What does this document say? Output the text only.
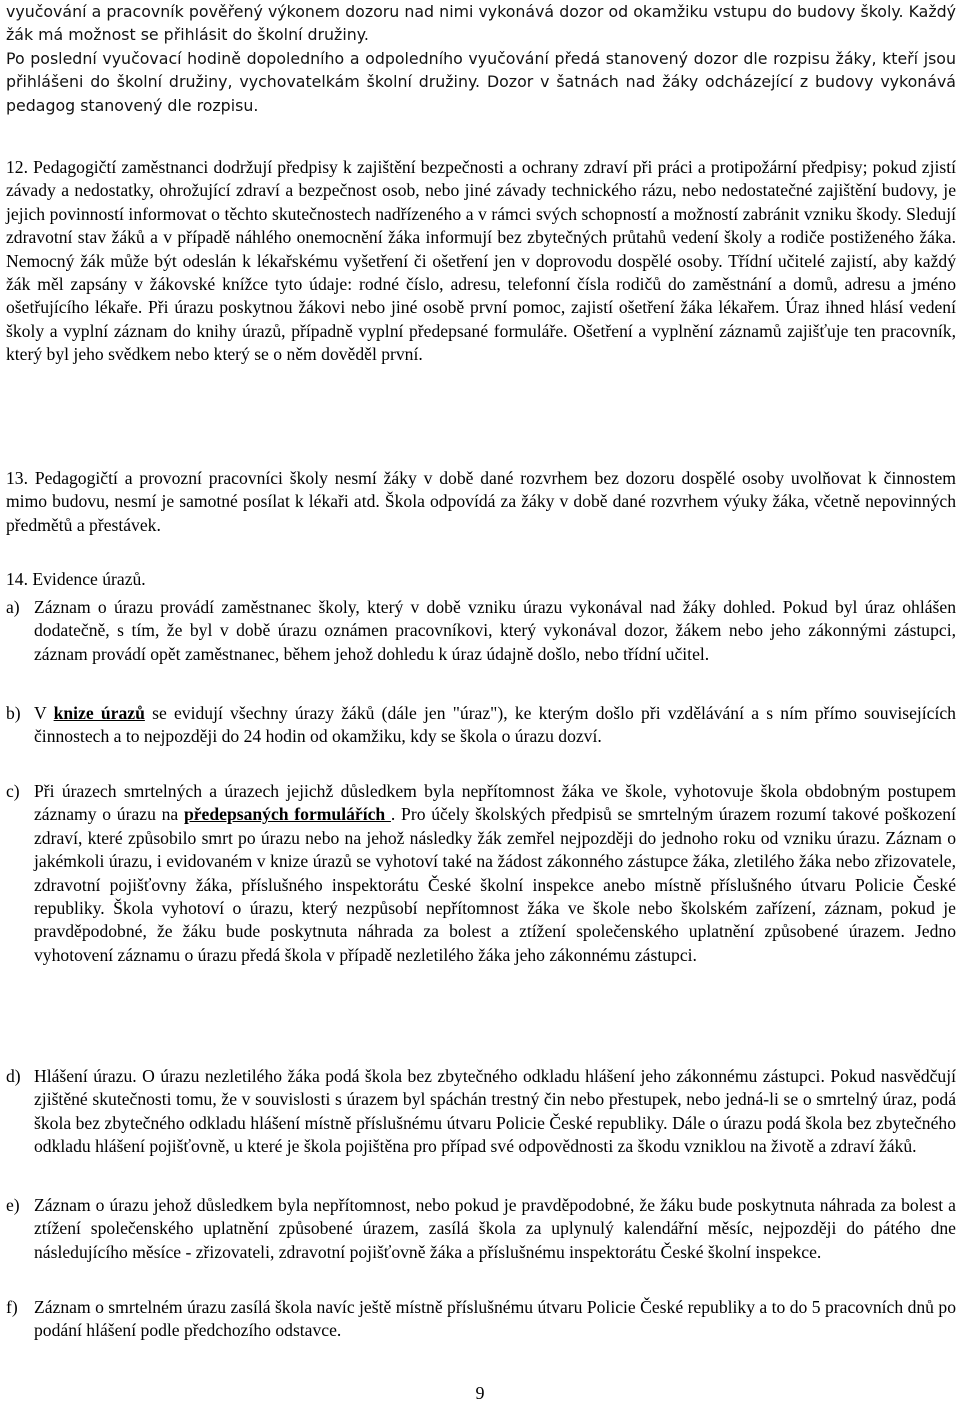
vyučování a pracovník pověřený výkonem dozoru nad nimi vykonává dozor od okamžiku vstupu do budovy školy. Každý žák má možnost se přihlásit do školní družiny.

Po poslední vyučovací hodině dopoledního a odpoledního vyučování předá stanovený dozor dle rozpisu žáky, kteří jsou přihlášeni do školní družiny, vychovatelkám školní družiny. Dozor v šatnách nad žáky odcházející z budovy vykonává pedagog stanovený dle rozpisu.

12. Pedagogičtí zaměstnanci dodržují předpisy k zajištění bezpečnosti a ochrany zdraví při práci a protipožární předpisy; pokud zjistí závady a nedostatky, ohrožující zdraví a bezpečnost osob, nebo jiné závady technického rázu, nebo nedostatečné zajištění budovy, je jejich povinností informovat o těchto skutečnostech nadřízeného a v rámci svých schopností a možností zabránit vzniku škody. Sledují zdravotní stav žáků a v případě náhlého onemocnění žáka informují bez zbytečných průtahů vedení školy a rodiče postiženého žáka. Nemocný žák může být odeslán k lékařskému vyšetření či ošetření jen v doprovodu dospělé osoby. Třídní učitelé zajistí, aby každý žák měl zapsány v žákovské knížce tyto údaje: rodné číslo, adresu, telefonní čísla rodičů do zaměstnání a domů, adresu a jméno ošetřujícího lékaře. Při úrazu poskytnou žákovi nebo jiné osobě první pomoc, zajistí ošetření žáka lékařem. Úraz ihned hlásí vedení školy a vyplní záznam do knihy úrazů, případně vyplní předepsané formuláře. Ošetření a vyplnění záznamů zajišťuje ten pracovník, který byl jeho svědkem nebo který se o něm dověděl první.

13. Pedagogičtí a provozní pracovníci školy nesmí žáky v době dané rozvrhem bez dozoru dospělé osoby uvolňovat k činnostem mimo budovu, nesmí je samotné posílat k lékaři atd. Škola odpovídá za žáky v době dané rozvrhem výuky žáka, včetně nepovinných předmětů a přestávek.

14. Evidence úrazů.

a) Záznam o úrazu provádí zaměstnanec školy, který v době vzniku úrazu vykonával nad žáky dohled. Pokud byl úraz ohlášen dodatečně, s tím, že byl v době úrazu oznámen pracovníkovi, který vykonával dozor, žákem nebo jeho zákonnými zástupci, záznam provádí opět zaměstnanec, během jehož dohledu k úraz údajně došlo, nebo třídní učitel.
b) V knize úrazů se evidují všechny úrazy žáků (dále jen "úraz"), ke kterým došlo při vzdělávání a s ním přímo souvisejících činnostech a to nejpozději do 24 hodin od okamžiku, kdy se škola o úrazu dozví.
c) Při úrazech smrtelných a úrazech jejichž důsledkem byla nepřítomnost žáka ve škole, vyhotovuje škola obdobným postupem záznamy o úrazu na předepsaných formulářích . Pro účely školských předpisů se smrtelným úrazem rozumí takové poškození zdraví, které způsobilo smrt po úrazu nebo na jehož následky žák zemřel nejpozději do jednoho roku od vzniku úrazu. Záznam o jakémkoli úrazu, i evidovaném v knize úrazů se vyhotoví také na žádost zákonného zástupce žáka, zletilého žáka nebo zřizovatele, zdravotní pojišťovny žáka, příslušného inspektorátu České školní inspekce anebo místně příslušného útvaru Policie České republiky. Škola vyhotoví o úrazu, který nezpůsobí nepřítomnost žáka ve škole nebo školském zařízení, záznam, pokud je pravděpodobné, že žáku bude poskytnuta náhrada za bolest a ztížení společenského uplatnění způsobené úrazem. Jedno vyhotovení záznamu o úrazu předá škola v případě nezletilého žáka jeho zákonnému zástupci.
d) Hlášení úrazu. O úrazu nezletilého žáka podá škola bez zbytečného odkladu hlášení jeho zákonnému zástupci. Pokud nasvědčují zjištěné skutečnosti tomu, že v souvislosti s úrazem byl spáchán trestný čin nebo přestupek, nebo jedná-li se o smrtelný úraz, podá škola bez zbytečného odkladu hlášení místně příslušnému útvaru Policie České republiky. Dále o úrazu podá škola bez zbytečného odkladu hlášení pojišťovně, u které je škola pojištěna pro případ své odpovědnosti za škodu vzniklou na životě a zdraví žáků.
e) Záznam o úrazu jehož důsledkem byla nepřítomnost, nebo pokud je pravděpodobné, že žáku bude poskytnuta náhrada za bolest a ztížení společenského uplatnění způsobené úrazem, zasílá škola za uplynulý kalendářní měsíc, nejpozději do pátého dne následujícího měsíce - zřizovateli, zdravotní pojišťovně žáka a příslušnému inspektorátu České školní inspekce.
f) Záznam o smrtelném úrazu zasílá škola navíc ještě místně příslušnému útvaru Policie České republiky a to do 5 pracovních dnů po podání hlášení podle předchozího odstavce.
9
